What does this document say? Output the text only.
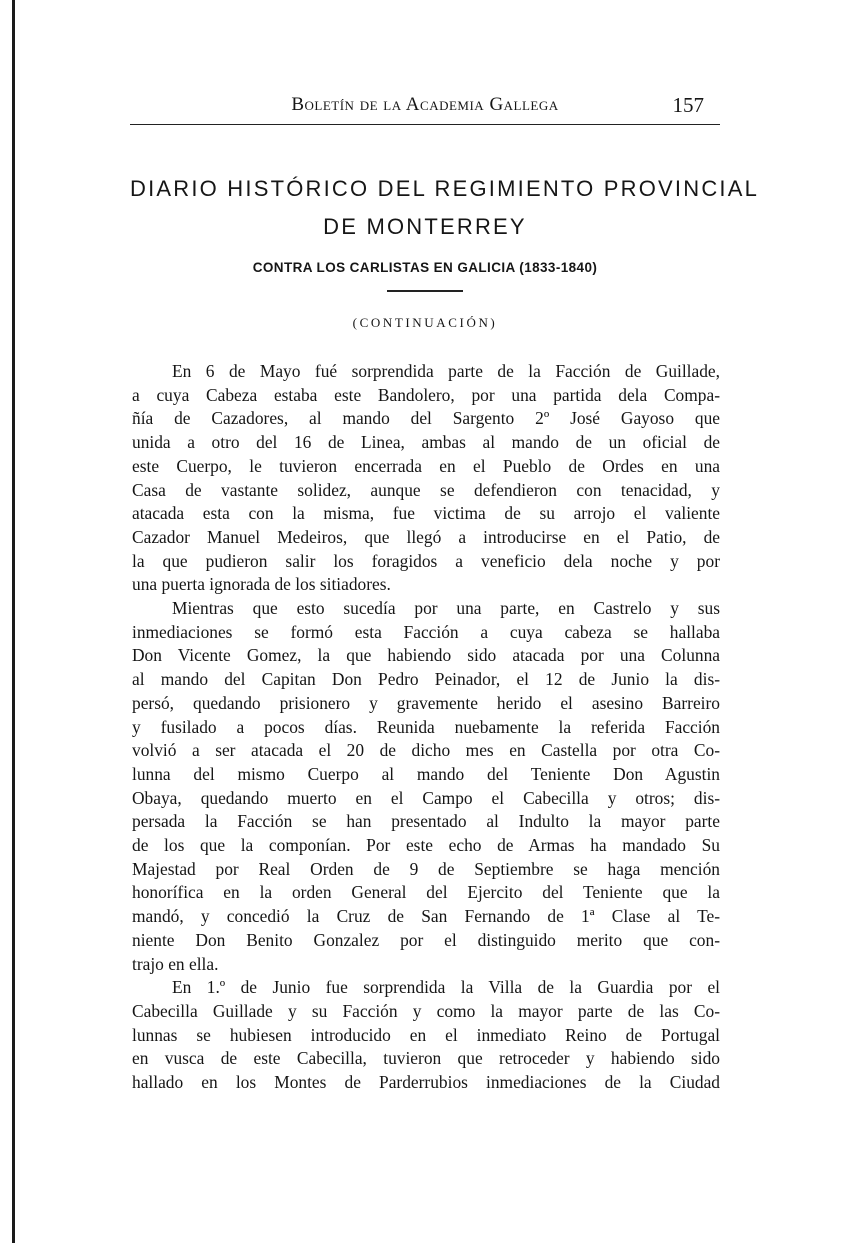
Boletín de la Academia Gallega	157
DIARIO HISTÓRICO DEL REGIMIENTO PROVINCIAL
DE MONTERREY
CONTRA LOS CARLISTAS EN GALICIA (1833-1840)
(CONTINUACIÓN)
En 6 de Mayo fué sorprendida parte de la Facción de Guillade,
a cuya Cabeza estaba este Bandolero, por una partida dela Compa-
ñía de Cazadores, al mando del Sargento 2º José Gayoso que
unida a otro del 16 de Linea, ambas al mando de un oficial de
este Cuerpo, le tuvieron encerrada en el Pueblo de Ordes en una
Casa de vastante solidez, aunque se defendieron con tenacidad, y
atacada esta con la misma, fue victima de su arrojo el valiente
Cazador Manuel Medeiros, que llegó a introducirse en el Patio, de
la que pudieron salir los foragidos a veneficio dela noche y por
una puerta ignorada de los sitiadores.
Mientras que esto sucedía por una parte, en Castrelo y sus
inmediaciones se formó esta Facción a cuya cabeza se hallaba
Don Vicente Gomez, la que habiendo sido atacada por una Colunna
al mando del Capitan Don Pedro Peinador, el 12 de Junio la dis-
persó, quedando prisionero y gravemente herido el asesino Barreiro
y fusilado a pocos días. Reunida nuebamente la referida Facción
volvió a ser atacada el 20 de dicho mes en Castella por otra Co-
lunna del mismo Cuerpo al mando del Teniente Don Agustin
Obaya, quedando muerto en el Campo el Cabecilla y otros; dis-
persada la Facción se han presentado al Indulto la mayor parte
de los que la componían. Por este echo de Armas ha mandado Su
Majestad por Real Orden de 9 de Septiembre se haga mención
honorífica en la orden General del Ejercito del Teniente que la
mandó, y concedió la Cruz de San Fernando de 1ª Clase al Te-
niente Don Benito Gonzalez por el distinguido merito que con-
trajo en ella.
En 1.º de Junio fue sorprendida la Villa de la Guardia por el
Cabecilla Guillade y su Facción y como la mayor parte de las Co-
lunnas se hubiesen introducido en el inmediato Reino de Portugal
en vusca de este Cabecilla, tuvieron que retroceder y habiendo sido
hallado en los Montes de Parderrubios inmediaciones de la Ciudad
